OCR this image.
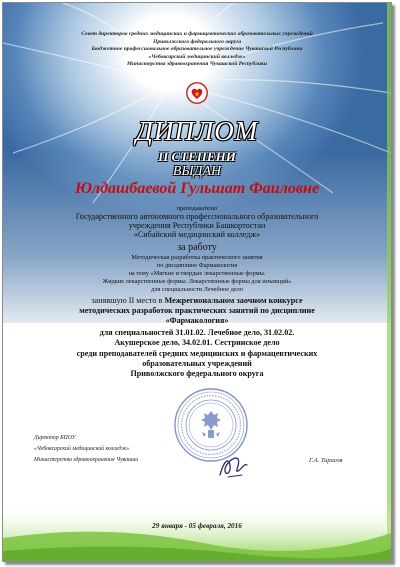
Совет директоров средних медицинских и фармацевтических образовательных учреждений
Приволжского федерального округа
Бюджетное профессиональное образовательное учреждение Чувашской Республики
«Чебоксарский медицинский колледж»
Министерства здравоохранения Чувашской Республики
ДИПЛОМ
II СТЕПЕНИ
ВЫДАН
Юлдашбаевой Гульшат Фаиловне
преподавателю
Государственного автономного профессионального образовательного
учреждения Республики Башкортостан
«Сибайский медицинский колледж»
за работу
Методическая разработка практического занятия
по дисциплине Фармакология
на тему «Мягкие и твердые лекарственные формы.
Жидкие лекарственные формы. Лекарственные формы для инъекций»
для специальности Лечебное дело
занявшую II место в Межрегиональном заочном конкурсе
методических разработок практических занятий по дисциплине
«Фармакология»
для специальностей 31.01.02. Лечебное дело, 31.02.02.
Акушерское дело, 34.02.01. Сестринское дело
среди преподавателей средних медицинских и фармацевтических
образовательных учреждений
Приволжского федерального округа
Директор БПОУ
«Чебоксарский медицинский колледж»
Министерства здравоохранения Чувашии	Г.А. Тарасов
29 января - 05 февраля, 2016
